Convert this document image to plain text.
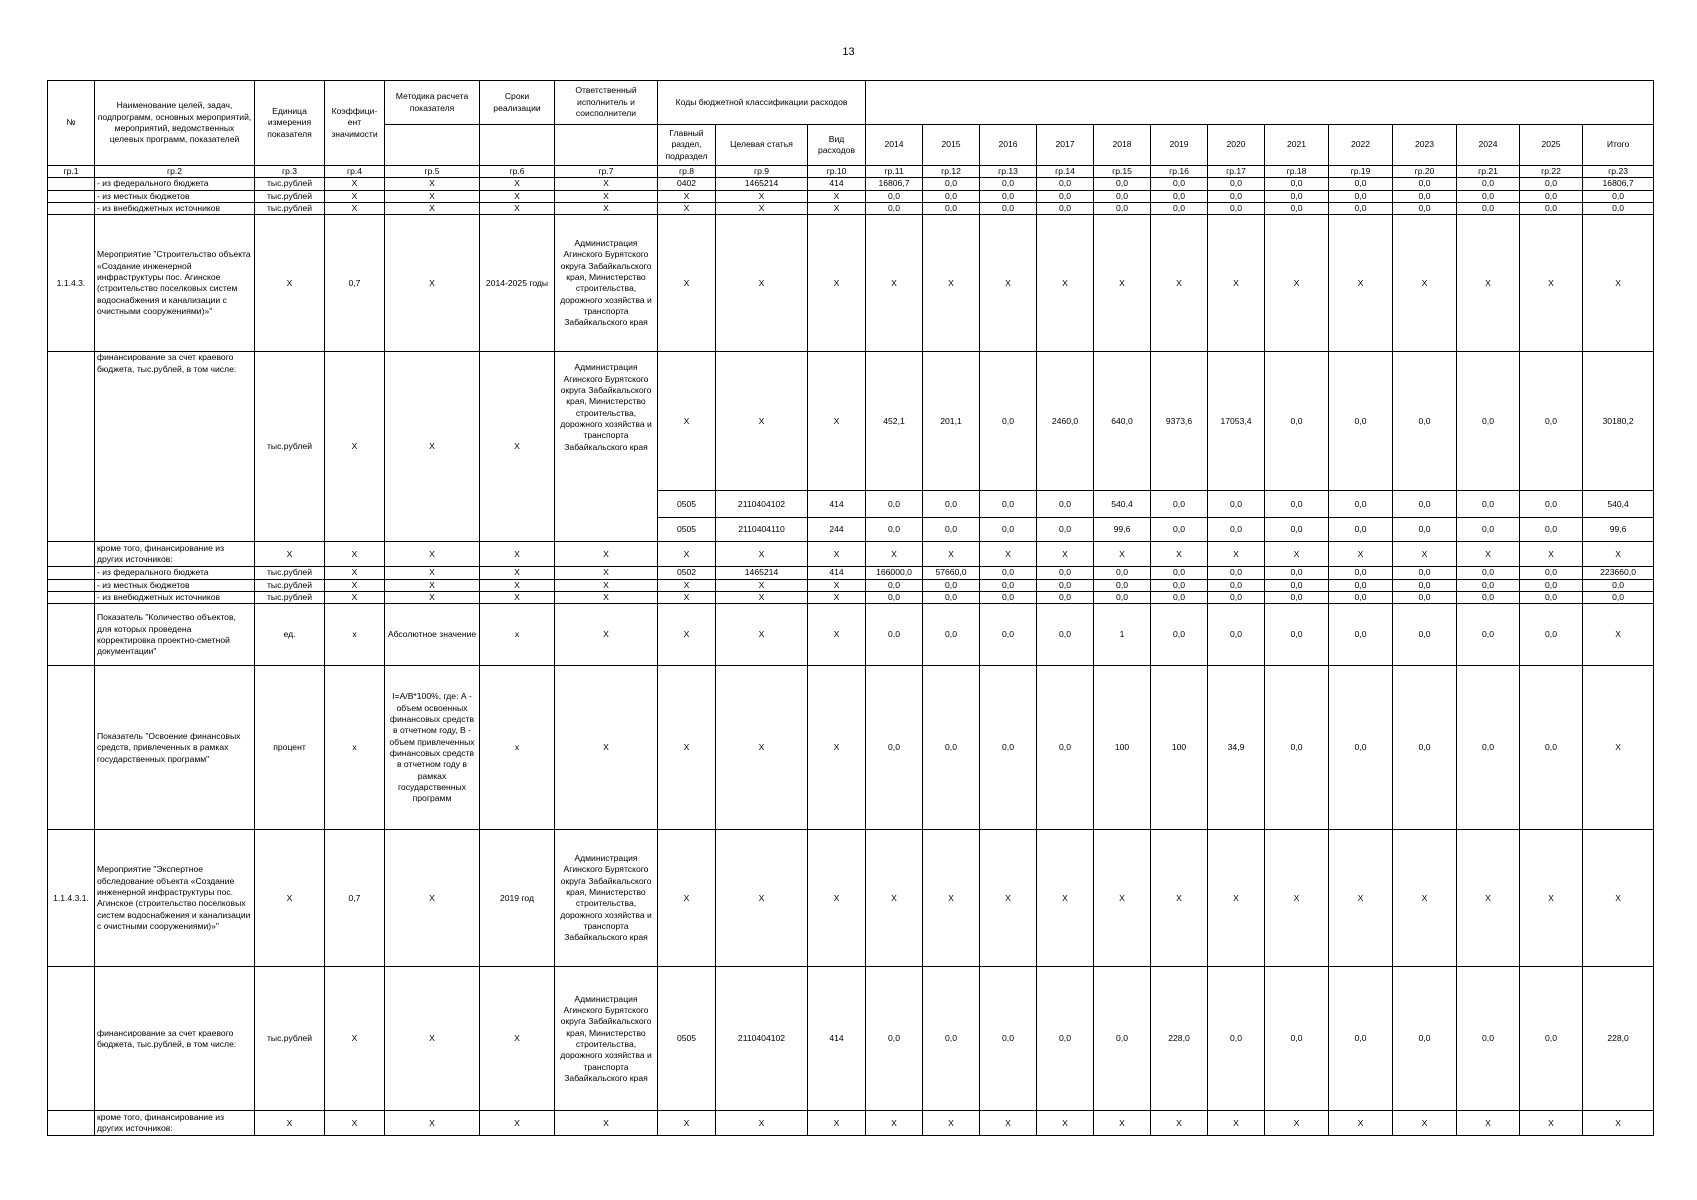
13
№	Наименование целей, задач, подпрограмм, основных мероприятий, мероприятий, ведомственных целевых программ, показателей	Единица измерения показателя	Коэффици-ент значимости	Методика расчета показателя	Сроки реализации	Ответственный исполнитель и соисполнители	Коды бюджетной классификации расходов															
							Главный раздел, подраздел	Целевая статья	Вид расходов	2014	2015	2016	2017	2018	2019	2020	2021	2022	2023	2024	2025	Итого
гр.1	гр.2	гр.3	гр.4	гр.5	гр.6	гр.7	гр.8	гр.9	гр.10	гр.11	гр.12	гр.13	гр.14	гр.15	гр.16	гр.17	гр.18	гр.19	гр.20	гр.21	гр.22	гр.23
	- из федерального бюджета	тыс.рублей	Х	Х	Х	Х	0402	1465214	414	16806,7	0,0	0,0	0,0	0,0	0,0	0,0	0,0	0,0	0,0	0,0	0,0	16806,7
	- из местных бюджетов	тыс.рублей	Х	Х	Х	Х	Х	Х	Х	0,0	0,0	0,0	0,0	0,0	0,0	0,0	0,0	0,0	0,0	0,0	0,0	0,0
	- из внебюджетных источников	тыс.рублей	Х	Х	Х	Х	Х	Х	Х	0,0	0,0	0,0	0,0	0,0	0,0	0,0	0,0	0,0	0,0	0,0	0,0	0,0
1.1.4.3.	Мероприятие "Строительство объекта «Создание инженерной инфраструктуры пос. Агинское (строительство поселковых систем водоснабжения и канализации с очистными сооружениями)»"	Х	0,7	Х	2014-2025 годы	Администрация Агинского Бурятского округа Забайкальского края, Министерство строительства, дорожного хозяйства и транспорта Забайкальского края	Х	Х	Х	Х	Х	Х	Х	Х	Х	Х	Х	Х	Х	Х	Х	Х
	финансирование за счет краевого бюджета, тыс.рублей, в том числе:	тыс.рублей	Х	Х	Х	Администрация Агинского Бурятского округа Забайкальского края, Министерство строительства, дорожного хозяйства и транспорта Забайкальского края	Х	Х	Х	452,1	201,1	0,0	2460,0	640,0	9373,6	17053,4	0,0	0,0	0,0	0,0	0,0	30180,2
							0505	2110404102	414	0,0	0,0	0,0	0,0	540,4	0,0	0,0	0,0	0,0	0,0	0,0	0,0	540,4
							0505	2110404110	244	0,0	0,0	0,0	0,0	99,6	0,0	0,0	0,0	0,0	0,0	0,0	0,0	99,6
	кроме того, финансирование из других источников:	Х	Х	Х	Х	Х	Х	Х	Х	Х	Х	Х	Х	Х	Х	Х	Х	Х	Х	Х	Х	Х
	- из федерального бюджета	тыс.рублей	Х	Х	Х	Х	0502	1465214	414	166000,0	57660,0	0,0	0,0	0,0	0,0	0,0	0,0	0,0	0,0	0,0	0,0	223660,0
	- из местных бюджетов	тыс.рублей	Х	Х	Х	Х	Х	Х	Х	0,0	0,0	0,0	0,0	0,0	0,0	0,0	0,0	0,0	0,0	0,0	0,0	0,0
	- из внебюджетных источников	тыс.рублей	Х	Х	Х	Х	Х	Х	Х	0,0	0,0	0,0	0,0	0,0	0,0	0,0	0,0	0,0	0,0	0,0	0,0	0,0
	Показатель "Количество объектов, для которых проведена корректировка проектно-сметной документации"	ед.	х	Абсолютное значение	х	Х	Х	Х	Х	0,0	0,0	0,0	0,0	1	0,0	0,0	0,0	0,0	0,0	0,0	0,0	Х
	Показатель "Освоение финансовых средств, привлеченных в рамках государственных программ"	процент	х	I=A/B*100%, где: А - объем освоенных финансовых средств в отчетном году, В - объем привлеченных финансовых средств в отчетном году в рамках государственных программ	х	Х	Х	Х	Х	0,0	0,0	0,0	0,0	100	100	34,9	0,0	0,0	0,0	0,0	0,0	Х
1.1.4.3.1.	Мероприятие "Экспертное обследование объекта «Создание инженерной инфраструктуры пос. Агинское (строительство поселковых систем водоснабжения и канализации с очистными сооружениями)»"	Х	0,7	Х	2019 год	Администрация Агинского Бурятского округа Забайкальского края, Министерство строительства, дорожного хозяйства и транспорта Забайкальского края	Х	Х	Х	Х	Х	Х	Х	Х	Х	Х	Х	Х	Х	Х	Х	Х
	финансирование за счет краевого бюджета, тыс.рублей, в том числе:	тыс.рублей	Х	Х	Х	Администрация Агинского Бурятского округа Забайкальского края, Министерство строительства, дорожного хозяйства и транспорта Забайкальского края	0505	2110404102	414	0,0	0,0	0,0	0,0	0,0	228,0	0,0	0,0	0,0	0,0	0,0	0,0	228,0
	кроме того, финансирование из других источников:	Х	Х	Х	Х	Х	Х	Х	Х	Х	Х	Х	Х	Х	Х	Х	Х	Х	Х	Х	Х	Х
